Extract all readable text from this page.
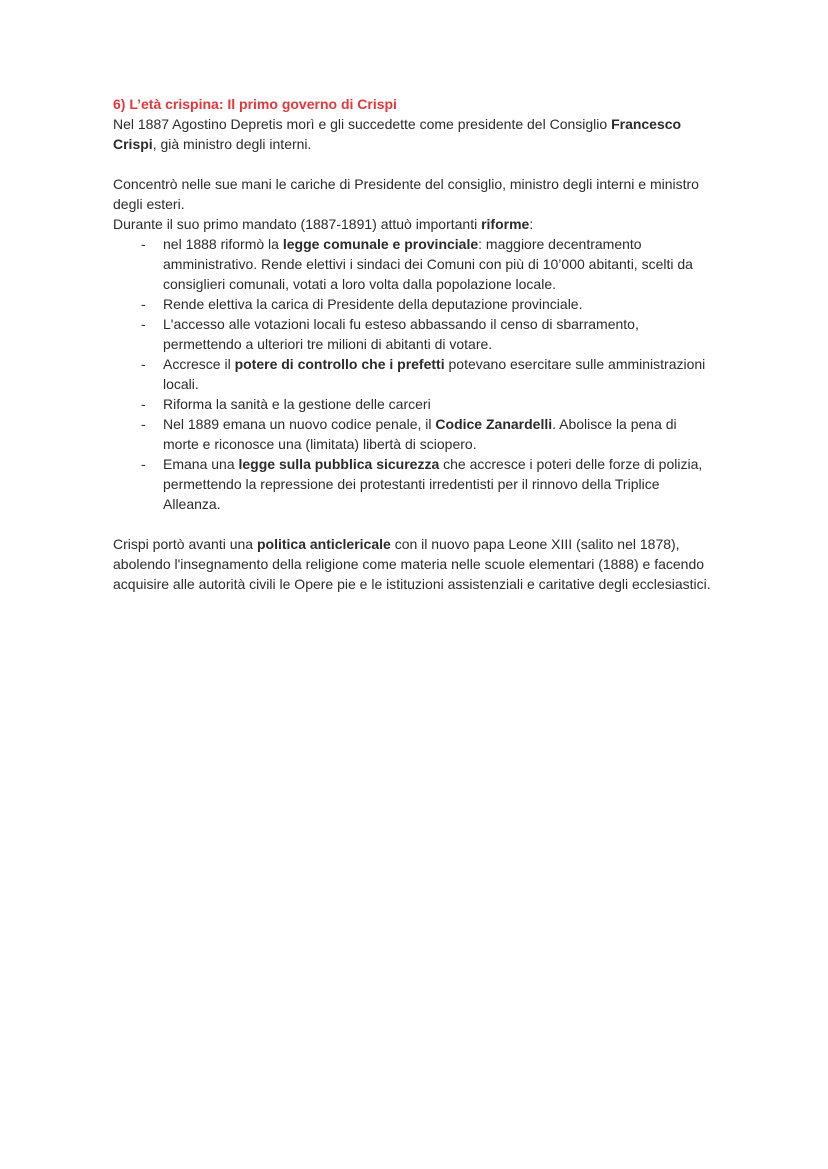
6) L’età crispina: Il primo governo di Crispi

Nel 1887 Agostino Depretis morì e gli succedette come presidente del Consiglio Francesco Crispi, già ministro degli interni.

Concentrò nelle sue mani le cariche di Presidente del consiglio, ministro degli interni e ministro degli esteri.

Durante il suo primo mandato (1887-1891) attuò importanti riforme:

- nel 1888 riformò la legge comunale e provinciale: maggiore decentramento amministrativo. Rende elettivi i sindaci dei Comuni con più di 10’000 abitanti, scelti da consiglieri comunali, votati a loro volta dalla popolazione locale.
- Rende elettiva la carica di Presidente della deputazione provinciale.
- L'accesso alle votazioni locali fu esteso abbassando il censo di sbarramento, permettendo a ulteriori tre milioni di abitanti di votare.
- Accresce il potere di controllo che i prefetti potevano esercitare sulle amministrazioni locali.
- Riforma la sanità e la gestione delle carceri
- Nel 1889 emana un nuovo codice penale, il Codice Zanardelli. Abolisce la pena di morte e riconosce una (limitata) libertà di sciopero.
- Emana una legge sulla pubblica sicurezza che accresce i poteri delle forze di polizia, permettendo la repressione dei protestanti irredentisti per il rinnovo della Triplice Alleanza.

Crispi portò avanti una politica anticlericale con il nuovo papa Leone XIII (salito nel 1878), abolendo l'insegnamento della religione come materia nelle scuole elementari (1888) e facendo acquisire alle autorità civili le Opere pie e le istituzioni assistenziali e caritative degli ecclesiastici.
